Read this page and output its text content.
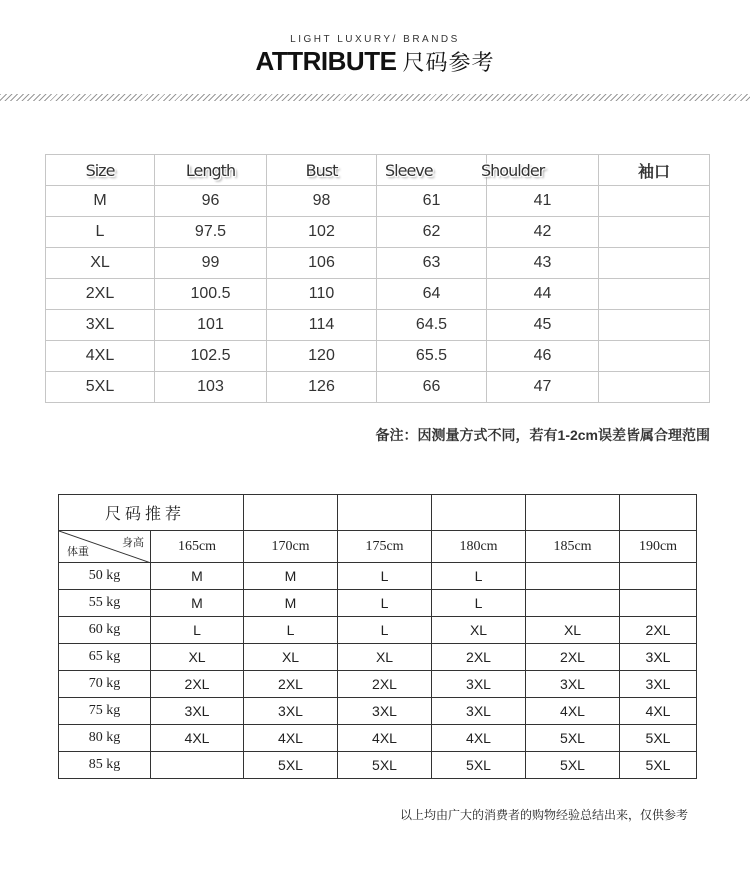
LIGHT LUXURY/ BRANDS
ATTRIBUTE 尺码参考
Size	Length	Bust	Sleeve	Shoulder	袖口
M	96	98	61	41	
L	97.5	102	62	42	
XL	99	106	63	43	
2XL	100.5	110	64	44	
3XL	101	114	64.5	45	
4XL	102.5	120	65.5	46	
5XL	103	126	66	47	
备注：因测量方式不同，若有1-2cm误差皆属合理范围
尺 码 推 荐						

身高
体重	165cm	170cm	175cm	180cm	185cm	190cm
50 kg	M	M	L	L		
55 kg	M	M	L	L		
60 kg	L	L	L	XL	XL	2XL
65 kg	XL	XL	XL	2XL	2XL	3XL
70 kg	2XL	2XL	2XL	3XL	3XL	3XL
75 kg	3XL	3XL	3XL	3XL	4XL	4XL
80 kg	4XL	4XL	4XL	4XL	5XL	5XL
85 kg		5XL	5XL	5XL	5XL	5XL
以上均由广大的消费者的购物经验总结出来，仅供参考
